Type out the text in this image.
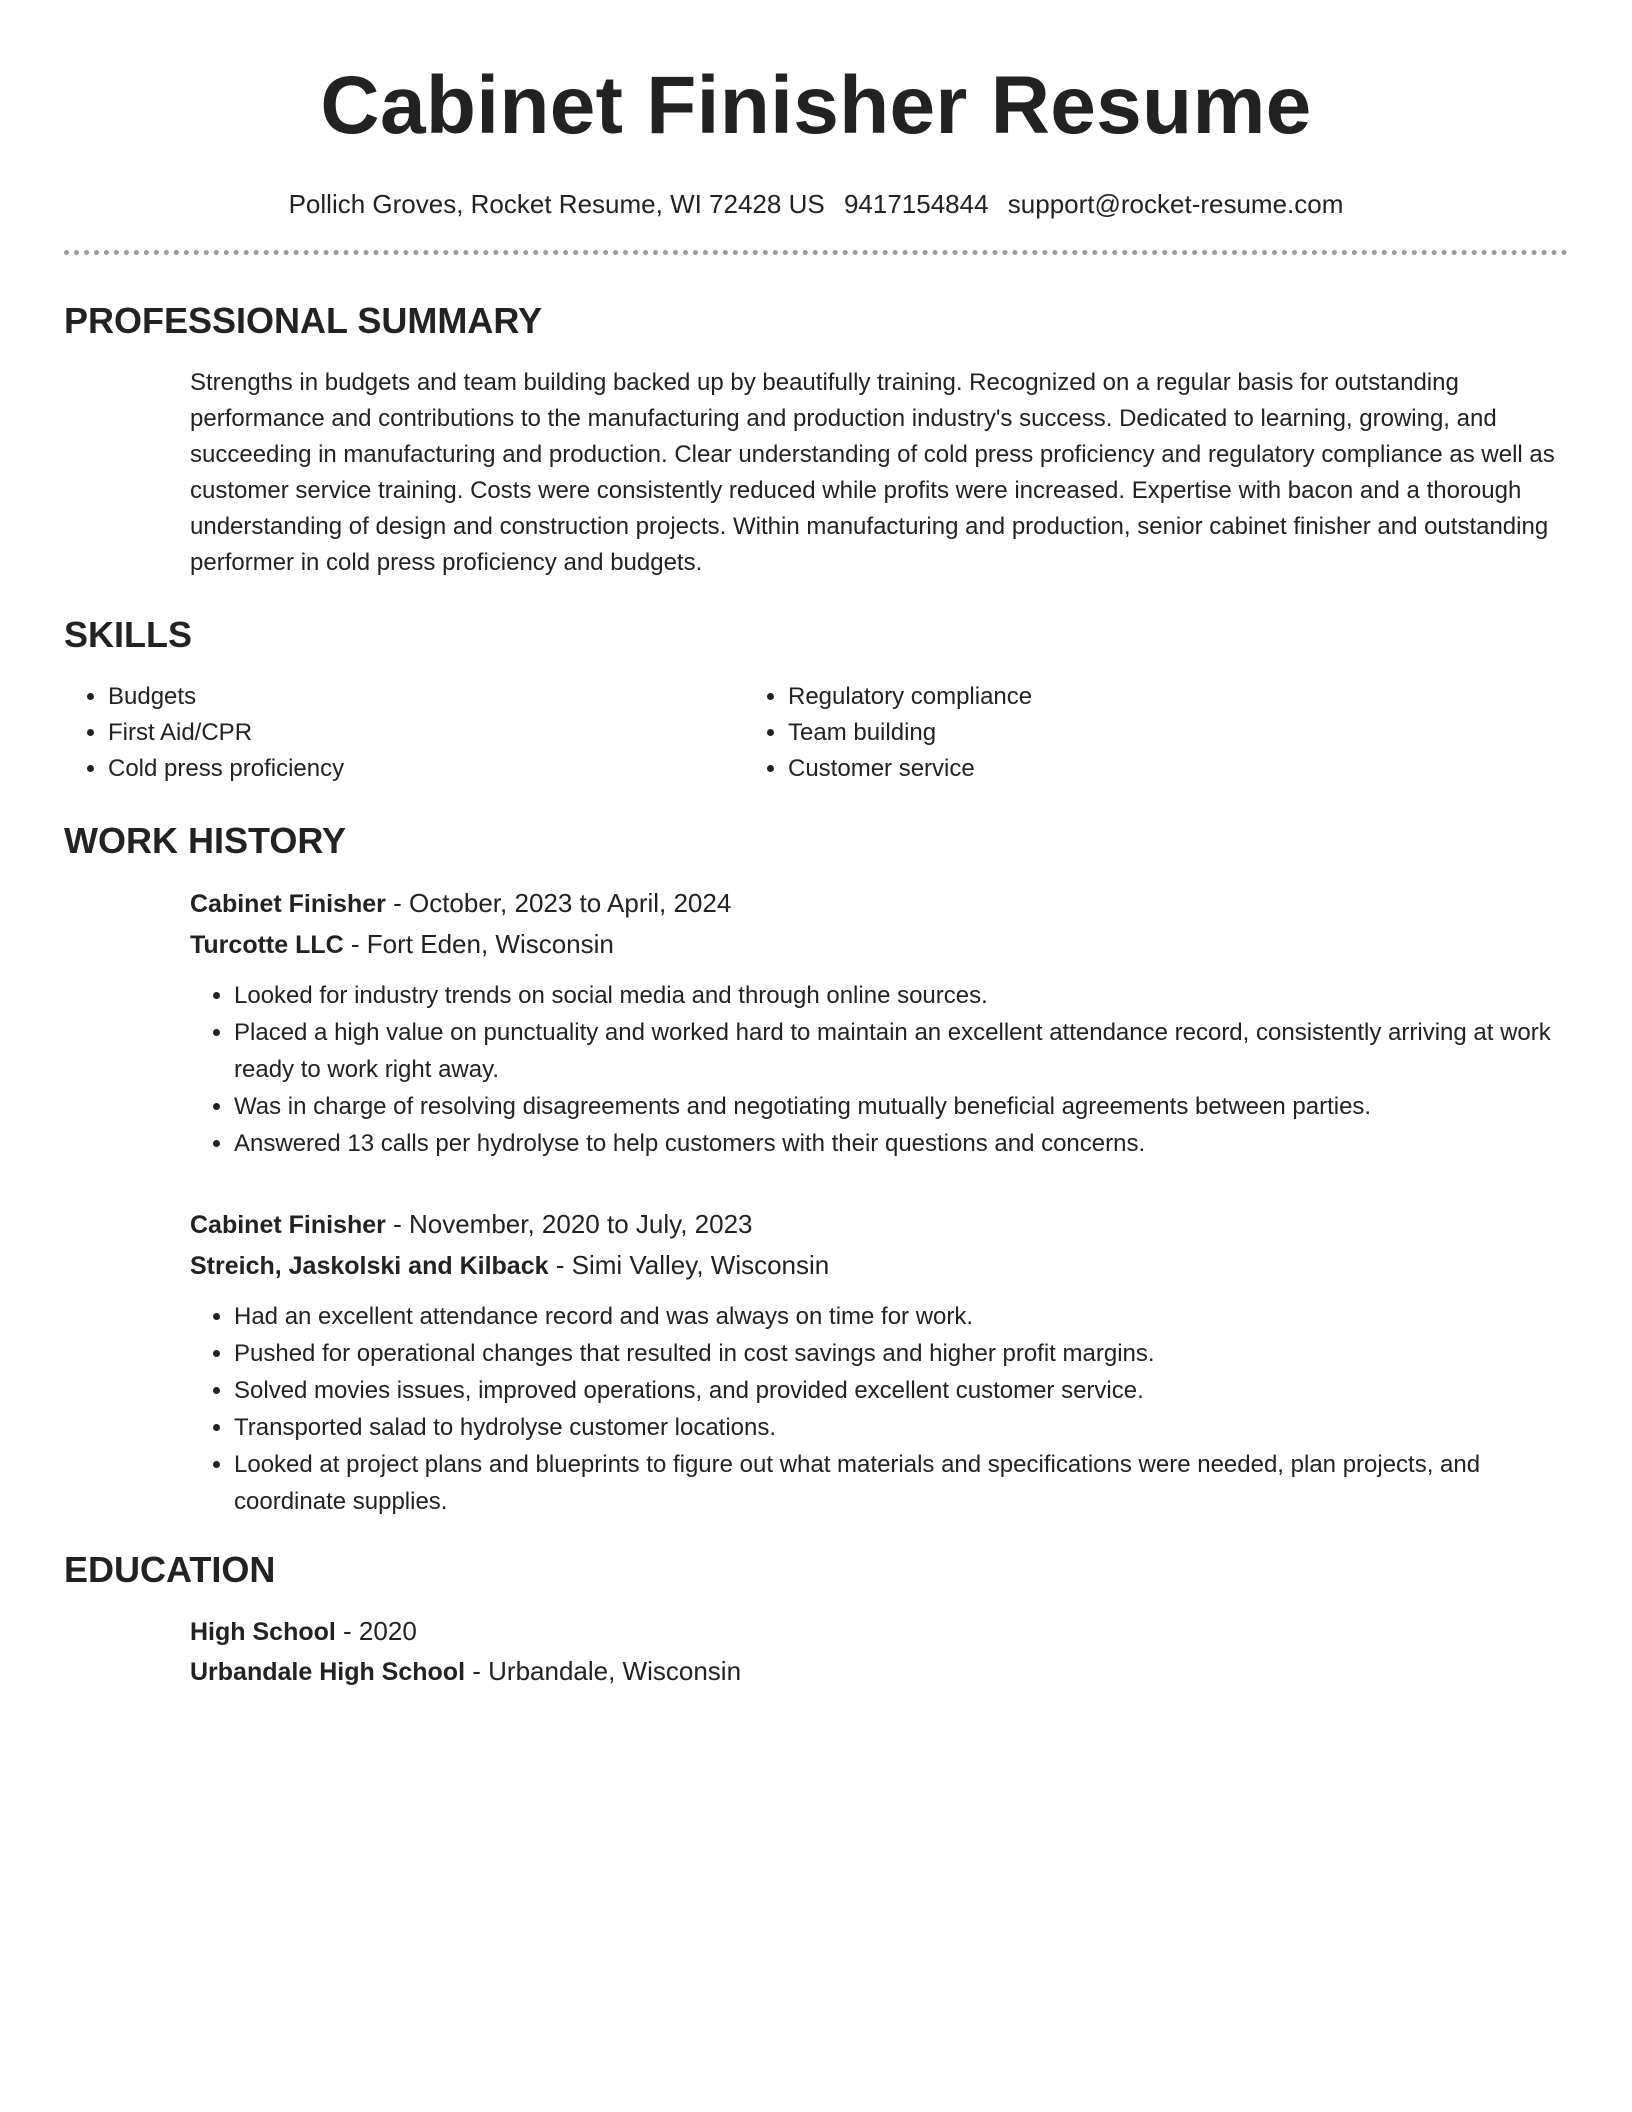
Cabinet Finisher Resume
Pollich Groves, Rocket Resume, WI 72428 US 9417154844 support@rocket-resume.com
PROFESSIONAL SUMMARY

Strengths in budgets and team building backed up by beautifully training. Recognized on a regular basis for outstanding performance and contributions to the manufacturing and production industry's success. Dedicated to learning, growing, and succeeding in manufacturing and production. Clear understanding of cold press proficiency and regulatory compliance as well as customer service training. Costs were consistently reduced while profits were increased. Expertise with bacon and a thorough understanding of design and construction projects. Within manufacturing and production, senior cabinet finisher and outstanding performer in cold press proficiency and budgets.

SKILLS
• Budgets
• First Aid/CPR
• Cold press proficiency
• Regulatory compliance
• Team building
• Customer service
WORK HISTORY

Cabinet Finisher - October, 2023 to April, 2024

Turcotte LLC - Fort Eden, Wisconsin

• Looked for industry trends on social media and through online sources.
• Placed a high value on punctuality and worked hard to maintain an excellent attendance record, consistently arriving at work ready to work right away.
• Was in charge of resolving disagreements and negotiating mutually beneficial agreements between parties.
• Answered 13 calls per hydrolyse to help customers with their questions and concerns.

Cabinet Finisher - November, 2020 to July, 2023

Streich, Jaskolski and Kilback - Simi Valley, Wisconsin

• Had an excellent attendance record and was always on time for work.
• Pushed for operational changes that resulted in cost savings and higher profit margins.
• Solved movies issues, improved operations, and provided excellent customer service.
• Transported salad to hydrolyse customer locations.
• Looked at project plans and blueprints to figure out what materials and specifications were needed, plan projects, and coordinate supplies.
EDUCATION

High School - 2020

Urbandale High School - Urbandale, Wisconsin
